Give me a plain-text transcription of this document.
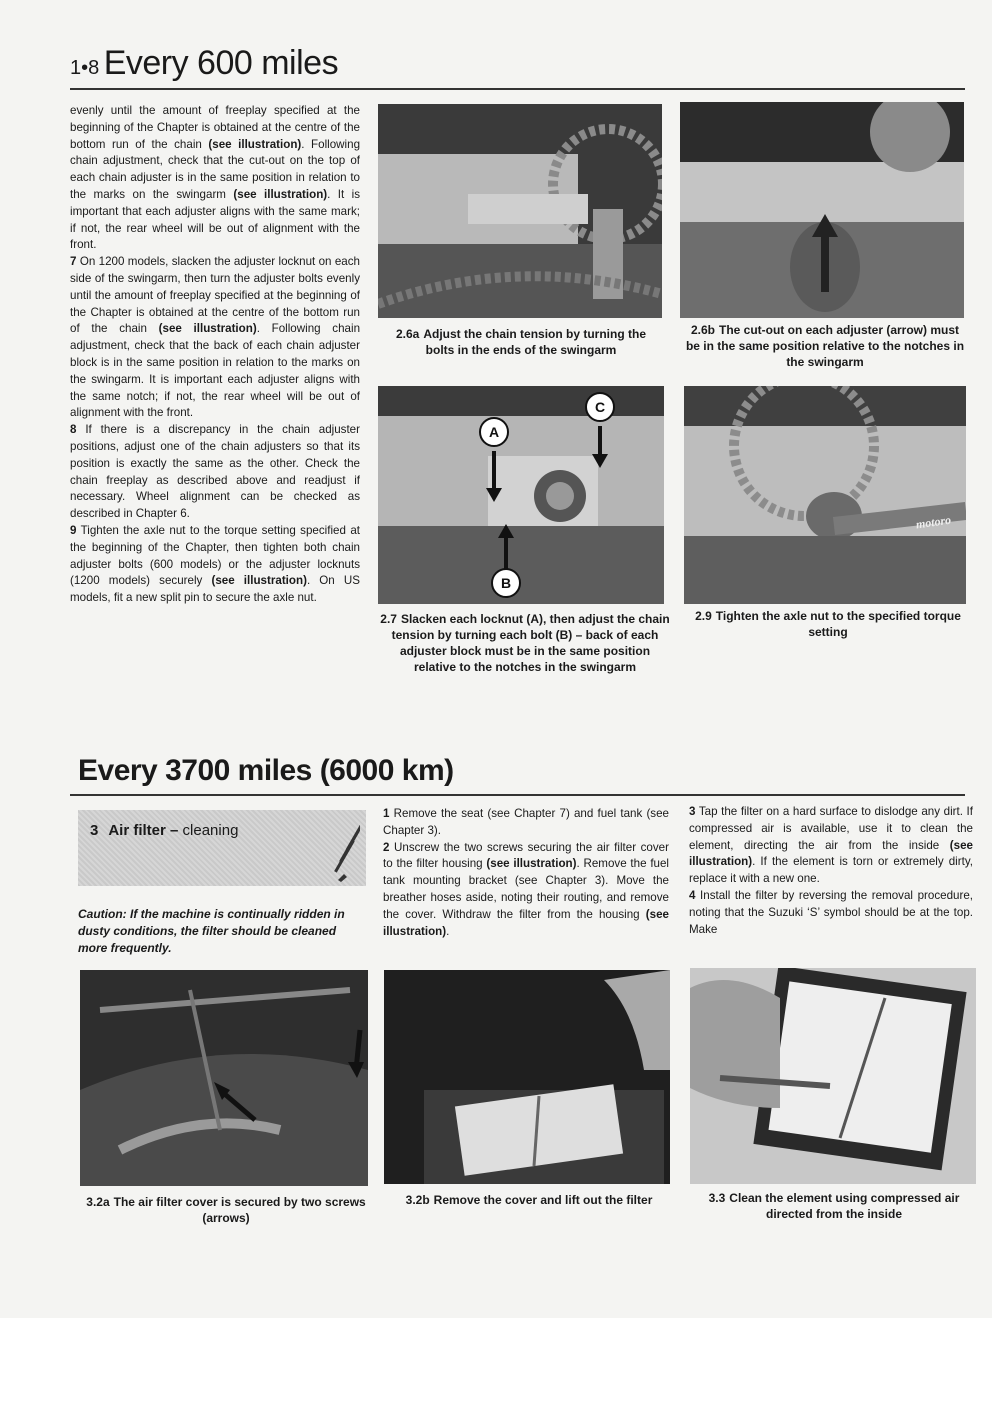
1•8 Every 600 miles

evenly until the amount of freeplay specified at the beginning of the Chapter is obtained at the centre of the bottom run of the chain (see illustration). Following chain adjustment, check that the cut-out on the top of each chain adjuster is in the same position in relation to the marks on the swingarm (see illustration). It is important that each adjuster aligns with the same mark; if not, the rear wheel will be out of alignment with the front.

7 On 1200 models, slacken the adjuster locknut on each side of the swingarm, then turn the adjuster bolts evenly until the amount of freeplay specified at the beginning of the Chapter is obtained at the centre of the bottom run of the chain (see illustration). Following chain adjustment, check that the back of each chain adjuster block is in the same position in relation to the marks on the swingarm. It is important each adjuster aligns with the same notch; if not, the rear wheel will be out of alignment with the front.

8 If there is a discrepancy in the chain adjuster positions, adjust one of the chain adjusters so that its position is exactly the same as the other. Check the chain freeplay as described above and readjust if necessary. Wheel alignment can be checked as described in Chapter 6.

9 Tighten the axle nut to the torque setting specified at the beginning of the Chapter, then tighten both chain adjuster bolts (600 models) or the adjuster locknuts (1200 models) securely (see illustration). On US models, fit a new split pin to secure the axle nut.

2.6a Adjust the chain tension by turning the bolts in the ends of the swingarm
2.6b The cut-out on each adjuster (arrow) must be in the same position relative to the notches in the swingarm
A
B
C
2.7 Slacken each locknut (A), then adjust the chain tension by turning each bolt (B) – back of each adjuster block must be in the same position relative to the notches in the swingarm
motoro
2.9 Tighten the axle nut to the specified torque setting
Every 3700 miles (6000 km)
3 Air filter – cleaning
Caution: If the machine is continually ridden in dusty conditions, the filter should be cleaned more frequently.

1 Remove the seat (see Chapter 7) and fuel tank (see Chapter 3).

2 Unscrew the two screws securing the air filter cover to the filter housing (see illustration). Remove the fuel tank mounting bracket (see Chapter 3). Move the breather hoses aside, noting their routing, and remove the cover. Withdraw the filter from the housing (see illustration).

3 Tap the filter on a hard surface to dislodge any dirt. If compressed air is available, use it to clean the element, directing the air from the inside (see illustration). If the element is torn or extremely dirty, replace it with a new one.

4 Install the filter by reversing the removal procedure, noting that the Suzuki ‘S’ symbol should be at the top. Make

3.2a The air filter cover is secured by two screws (arrows)
3.2b Remove the cover and lift out the filter	3.3 Clean the element using compressed air directed from the inside
